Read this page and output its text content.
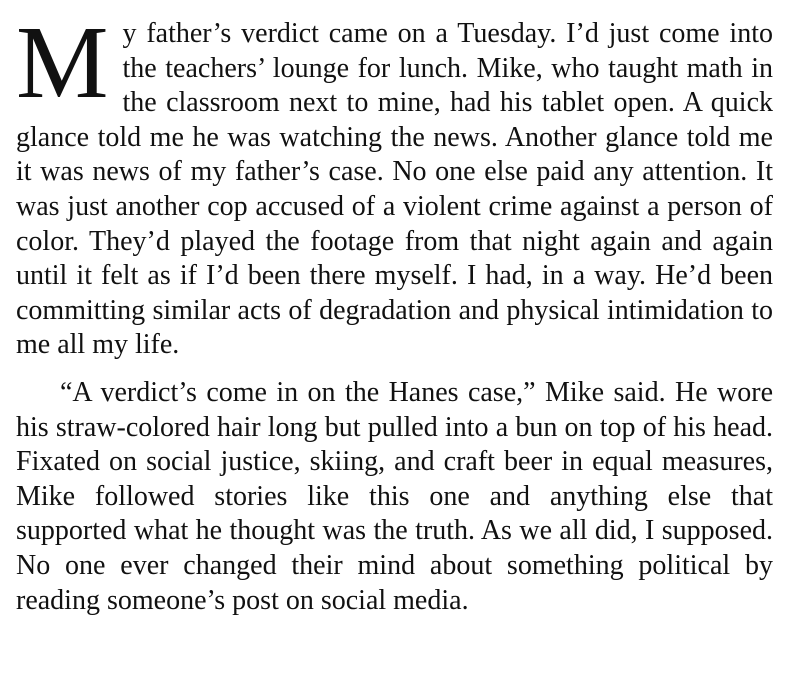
My father’s verdict came on a Tuesday. I’d just come into the teachers’ lounge for lunch. Mike, who taught math in the classroom next to mine, had his tablet open. A quick glance told me he was watching the news. Another glance told me it was news of my father’s case. No one else paid any attention. It was just another cop accused of a violent crime against a person of color. They’d played the footage from that night again and again until it felt as if I’d been there myself. I had, in a way. He’d been committing similar acts of degradation and physical intimidation to me all my life.

“A verdict’s come in on the Hanes case,” Mike said. He wore his straw-colored hair long but pulled into a bun on top of his head. Fixated on social justice, skiing, and craft beer in equal measures, Mike followed stories like this one and anything else that supported what he thought was the truth. As we all did, I supposed. No one ever changed their mind about something political by reading someone’s post on social media.
